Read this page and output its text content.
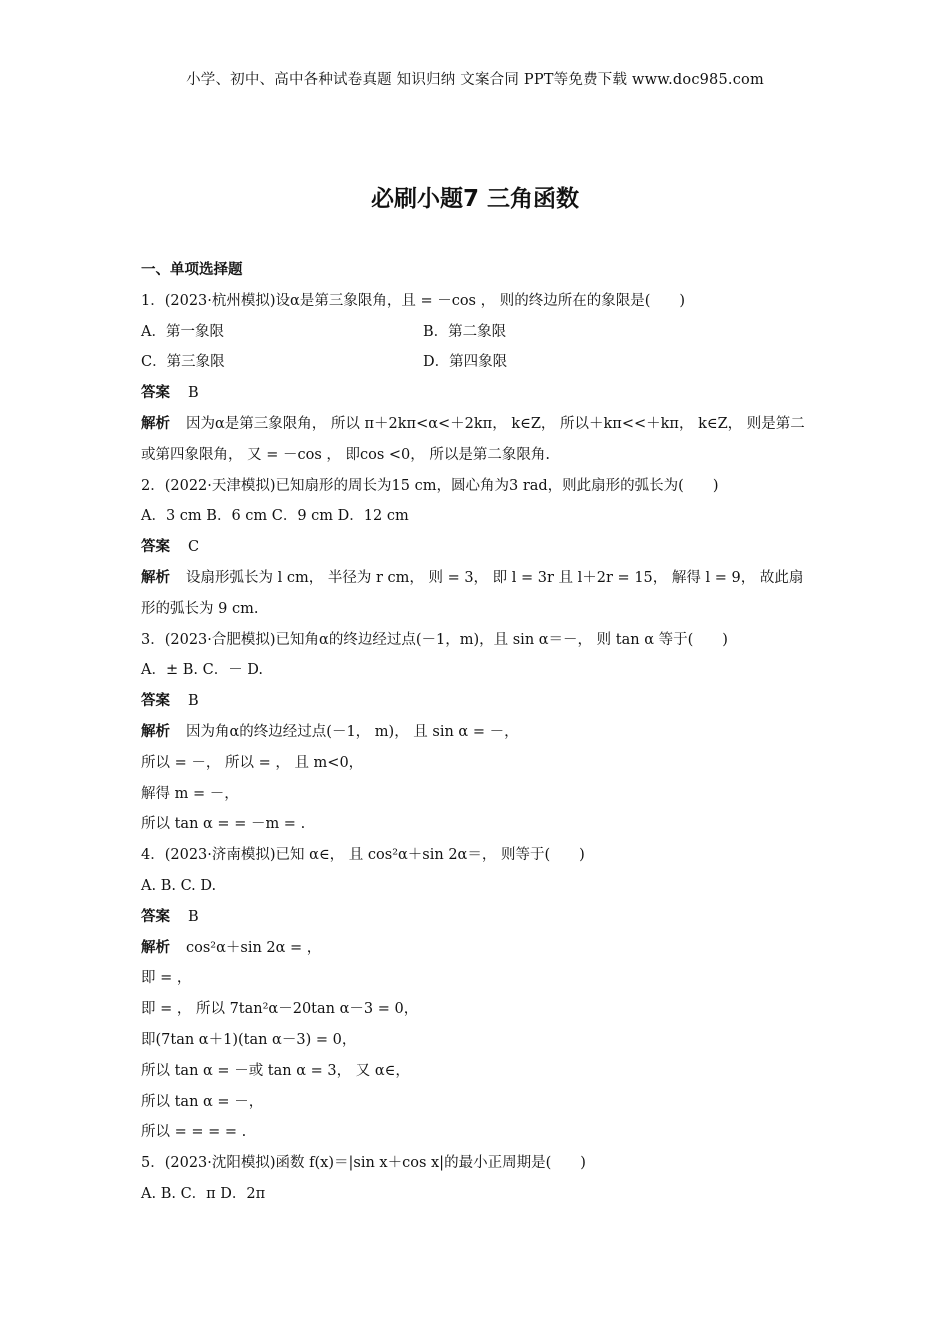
小学、初中、高中各种试卷真题 知识归纳 文案合同 PPT等免费下载 www.doc985.com
必刷小题7 三角函数
一、单项选择题
1．(2023·杭州模拟)设α是第三象限角，且 = －cos ， 则的终边所在的象限是(　　)
A．第一象限	B．第二象限
C．第三象限	D．第四象限
答案 B
解析 因为α是第三象限角， 所以 π＋2kπ<α<＋2kπ， k∈Z， 所以＋kπ<<＋kπ， k∈Z， 则是第二或第四象限角， 又 = －cos ， 即cos <0， 所以是第二象限角.
2．(2022·天津模拟)已知扇形的周长为15 cm，圆心角为3 rad，则此扇形的弧长为(　　)
A．3 cm B．6 cm C．9 cm D．12 cm
答案 C
解析 设扇形弧长为 l cm， 半径为 r cm， 则 = 3， 即 l = 3r 且 l＋2r = 15， 解得 l = 9， 故此扇形的弧长为 9 cm.
3．(2023·合肥模拟)已知角α的终边经过点(－1，m)，且 sin α＝－， 则 tan α 等于(　　)
A．± B. C．－ D.
答案 B
解析 因为角α的终边经过点(－1， m)， 且 sin α = －，
所以 = －， 所以 = ， 且 m<0，
解得 m = －，
所以 tan α = = －m = .
4．(2023·济南模拟)已知 α∈， 且 cos²α＋sin 2α＝， 则等于(　　)
A. B. C. D.
答案 B
解析 cos²α＋sin 2α = ，
即 = ，
即 = ， 所以 7tan²α－20tan α－3 = 0，
即(7tan α＋1)(tan α－3) = 0，
所以 tan α = －或 tan α = 3， 又 α∈，
所以 tan α = －，
所以 = = = = .
5．(2023·沈阳模拟)函数 f(x)＝|sin x＋cos x|的最小正周期是(　　)
A. B. C．π D．2π
